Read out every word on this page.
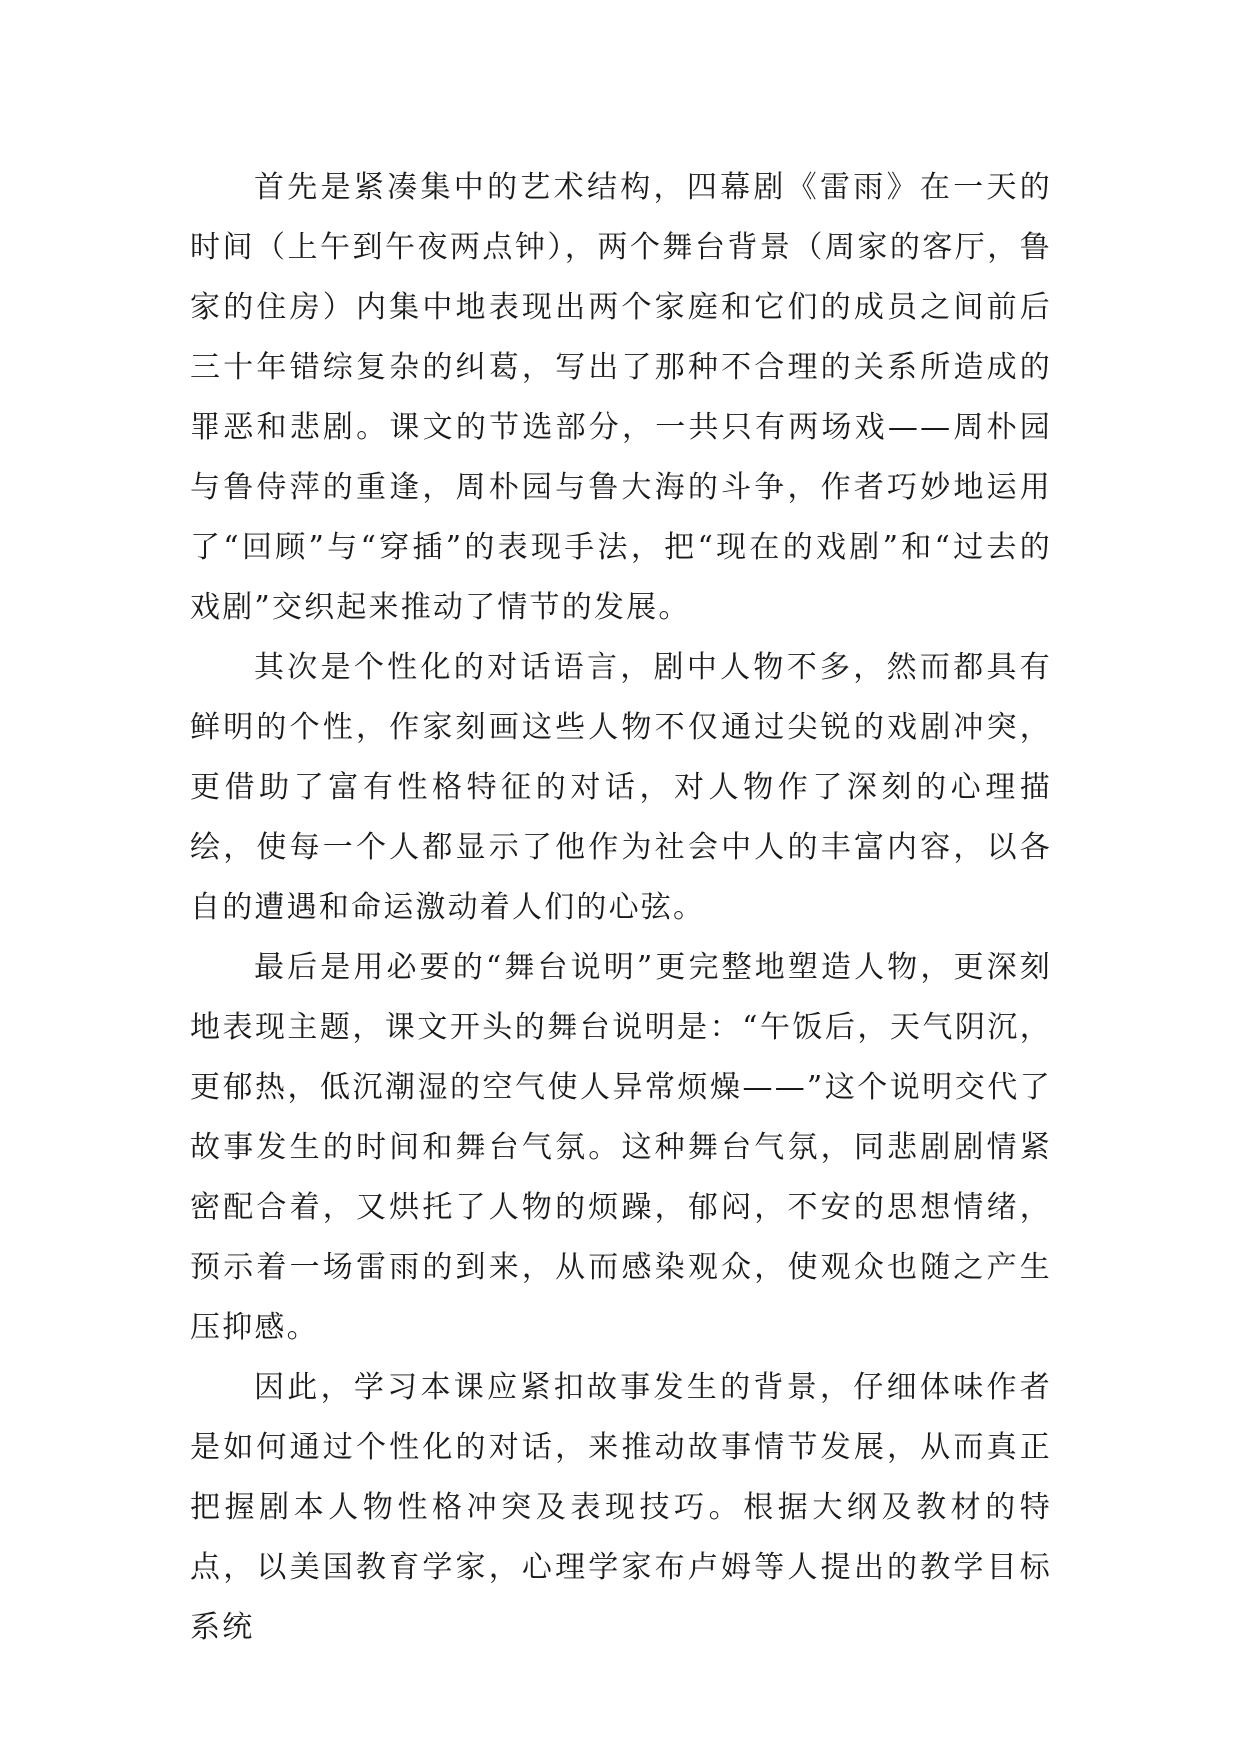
首先是紧凑集中的艺术结构，四幕剧《雷雨》在一天的时间（上午到午夜两点钟），两个舞台背景（周家的客厅，鲁家的住房）内集中地表现出两个家庭和它们的成员之间前后三十年错综复杂的纠葛，写出了那种不合理的关系所造成的罪恶和悲剧。课文的节选部分，一共只有两场戏——周朴园与鲁侍萍的重逢，周朴园与鲁大海的斗争，作者巧妙地运用了“回顾”与“穿插”的表现手法，把“现在的戏剧”和“过去的戏剧”交织起来推动了情节的发展。

其次是个性化的对话语言，剧中人物不多，然而都具有鲜明的个性，作家刻画这些人物不仅通过尖锐的戏剧冲突，更借助了富有性格特征的对话，对人物作了深刻的心理描绘，使每一个人都显示了他作为社会中人的丰富内容，以各自的遭遇和命运激动着人们的心弦。

最后是用必要的“舞台说明”更完整地塑造人物，更深刻地表现主题，课文开头的舞台说明是：“午饭后，天气阴沉，更郁热，低沉潮湿的空气使人异常烦燥——”这个说明交代了故事发生的时间和舞台气氛。这种舞台气氛，同悲剧剧情紧密配合着，又烘托了人物的烦躁，郁闷，不安的思想情绪，预示着一场雷雨的到来，从而感染观众，使观众也随之产生压抑感。

因此，学习本课应紧扣故事发生的背景，仔细体味作者是如何通过个性化的对话，来推动故事情节发展，从而真正把握剧本人物性格冲突及表现技巧。根据大纲及教材的特点，以美国教育学家，心理学家布卢姆等人提出的教学目标系统
